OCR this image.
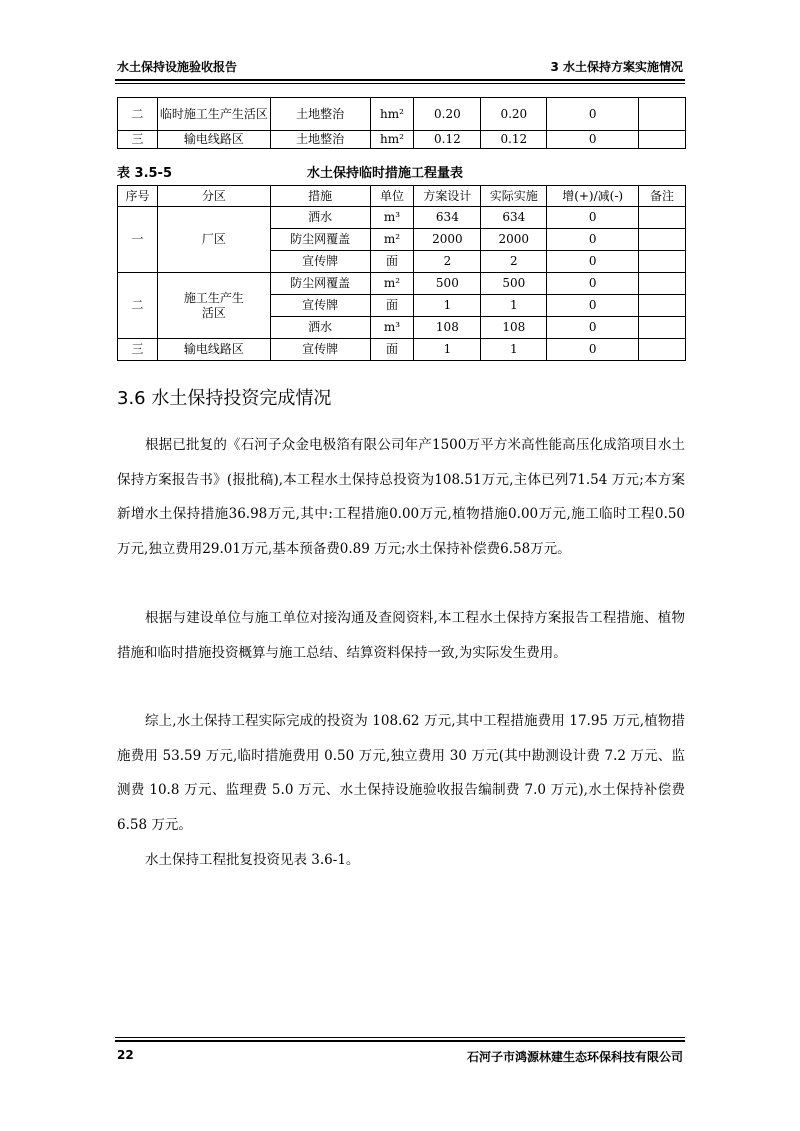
水土保持设施验收报告	3 水土保持方案实施情况
二	临时施工生产生活区	土地整治	hm²	0.20	0.20	0	
三	输电线路区	土地整治	hm²	0.12	0.12	0	
表 3.5-5	水土保持临时措施工程量表
序号	分区	措施	单位	方案设计	实际实施	增(+)/减(-)	备注
一	厂区	洒水	m³	634	634	0	
		防尘网覆盖	m²	2000	2000	0	
		宣传牌	面	2	2	0	
二	施工生产生活区	防尘网覆盖	m²	500	500	0	
		宣传牌	面	1	1	0	
		洒水	m³	108	108	0	
三	输电线路区	宣传牌	面	1	1	0	
3.6 水土保持投资完成情况

根据已批复的《石河子众金电极箔有限公司年产1500万平方米高性能高压化成箔项目水土保持方案报告书》(报批稿),本工程水土保持总投资为108.51万元,主体已列71.54 万元;本方案新增水土保持措施36.98万元,其中:工程措施0.00万元,植物措施0.00万元,施工临时工程0.50 万元,独立费用29.01万元,基本预备费0.89 万元;水土保持补偿费6.58万元。

根据与建设单位与施工单位对接沟通及查阅资料,本工程水土保持方案报告工程措施、植物措施和临时措施投资概算与施工总结、结算资料保持一致,为实际发生费用。

综上,水土保持工程实际完成的投资为 108.62 万元,其中工程措施费用 17.95 万元,植物措施费用 53.59 万元,临时措施费用 0.50 万元,独立费用 30 万元(其中勘测设计费 7.2 万元、监测费 10.8 万元、监理费 5.0 万元、水土保持设施验收报告编制费 7.0 万元),水土保持补偿费 6.58 万元。

水土保持工程批复投资见表 3.6-1。

22	石河子市鸿源林建生态环保科技有限公司
